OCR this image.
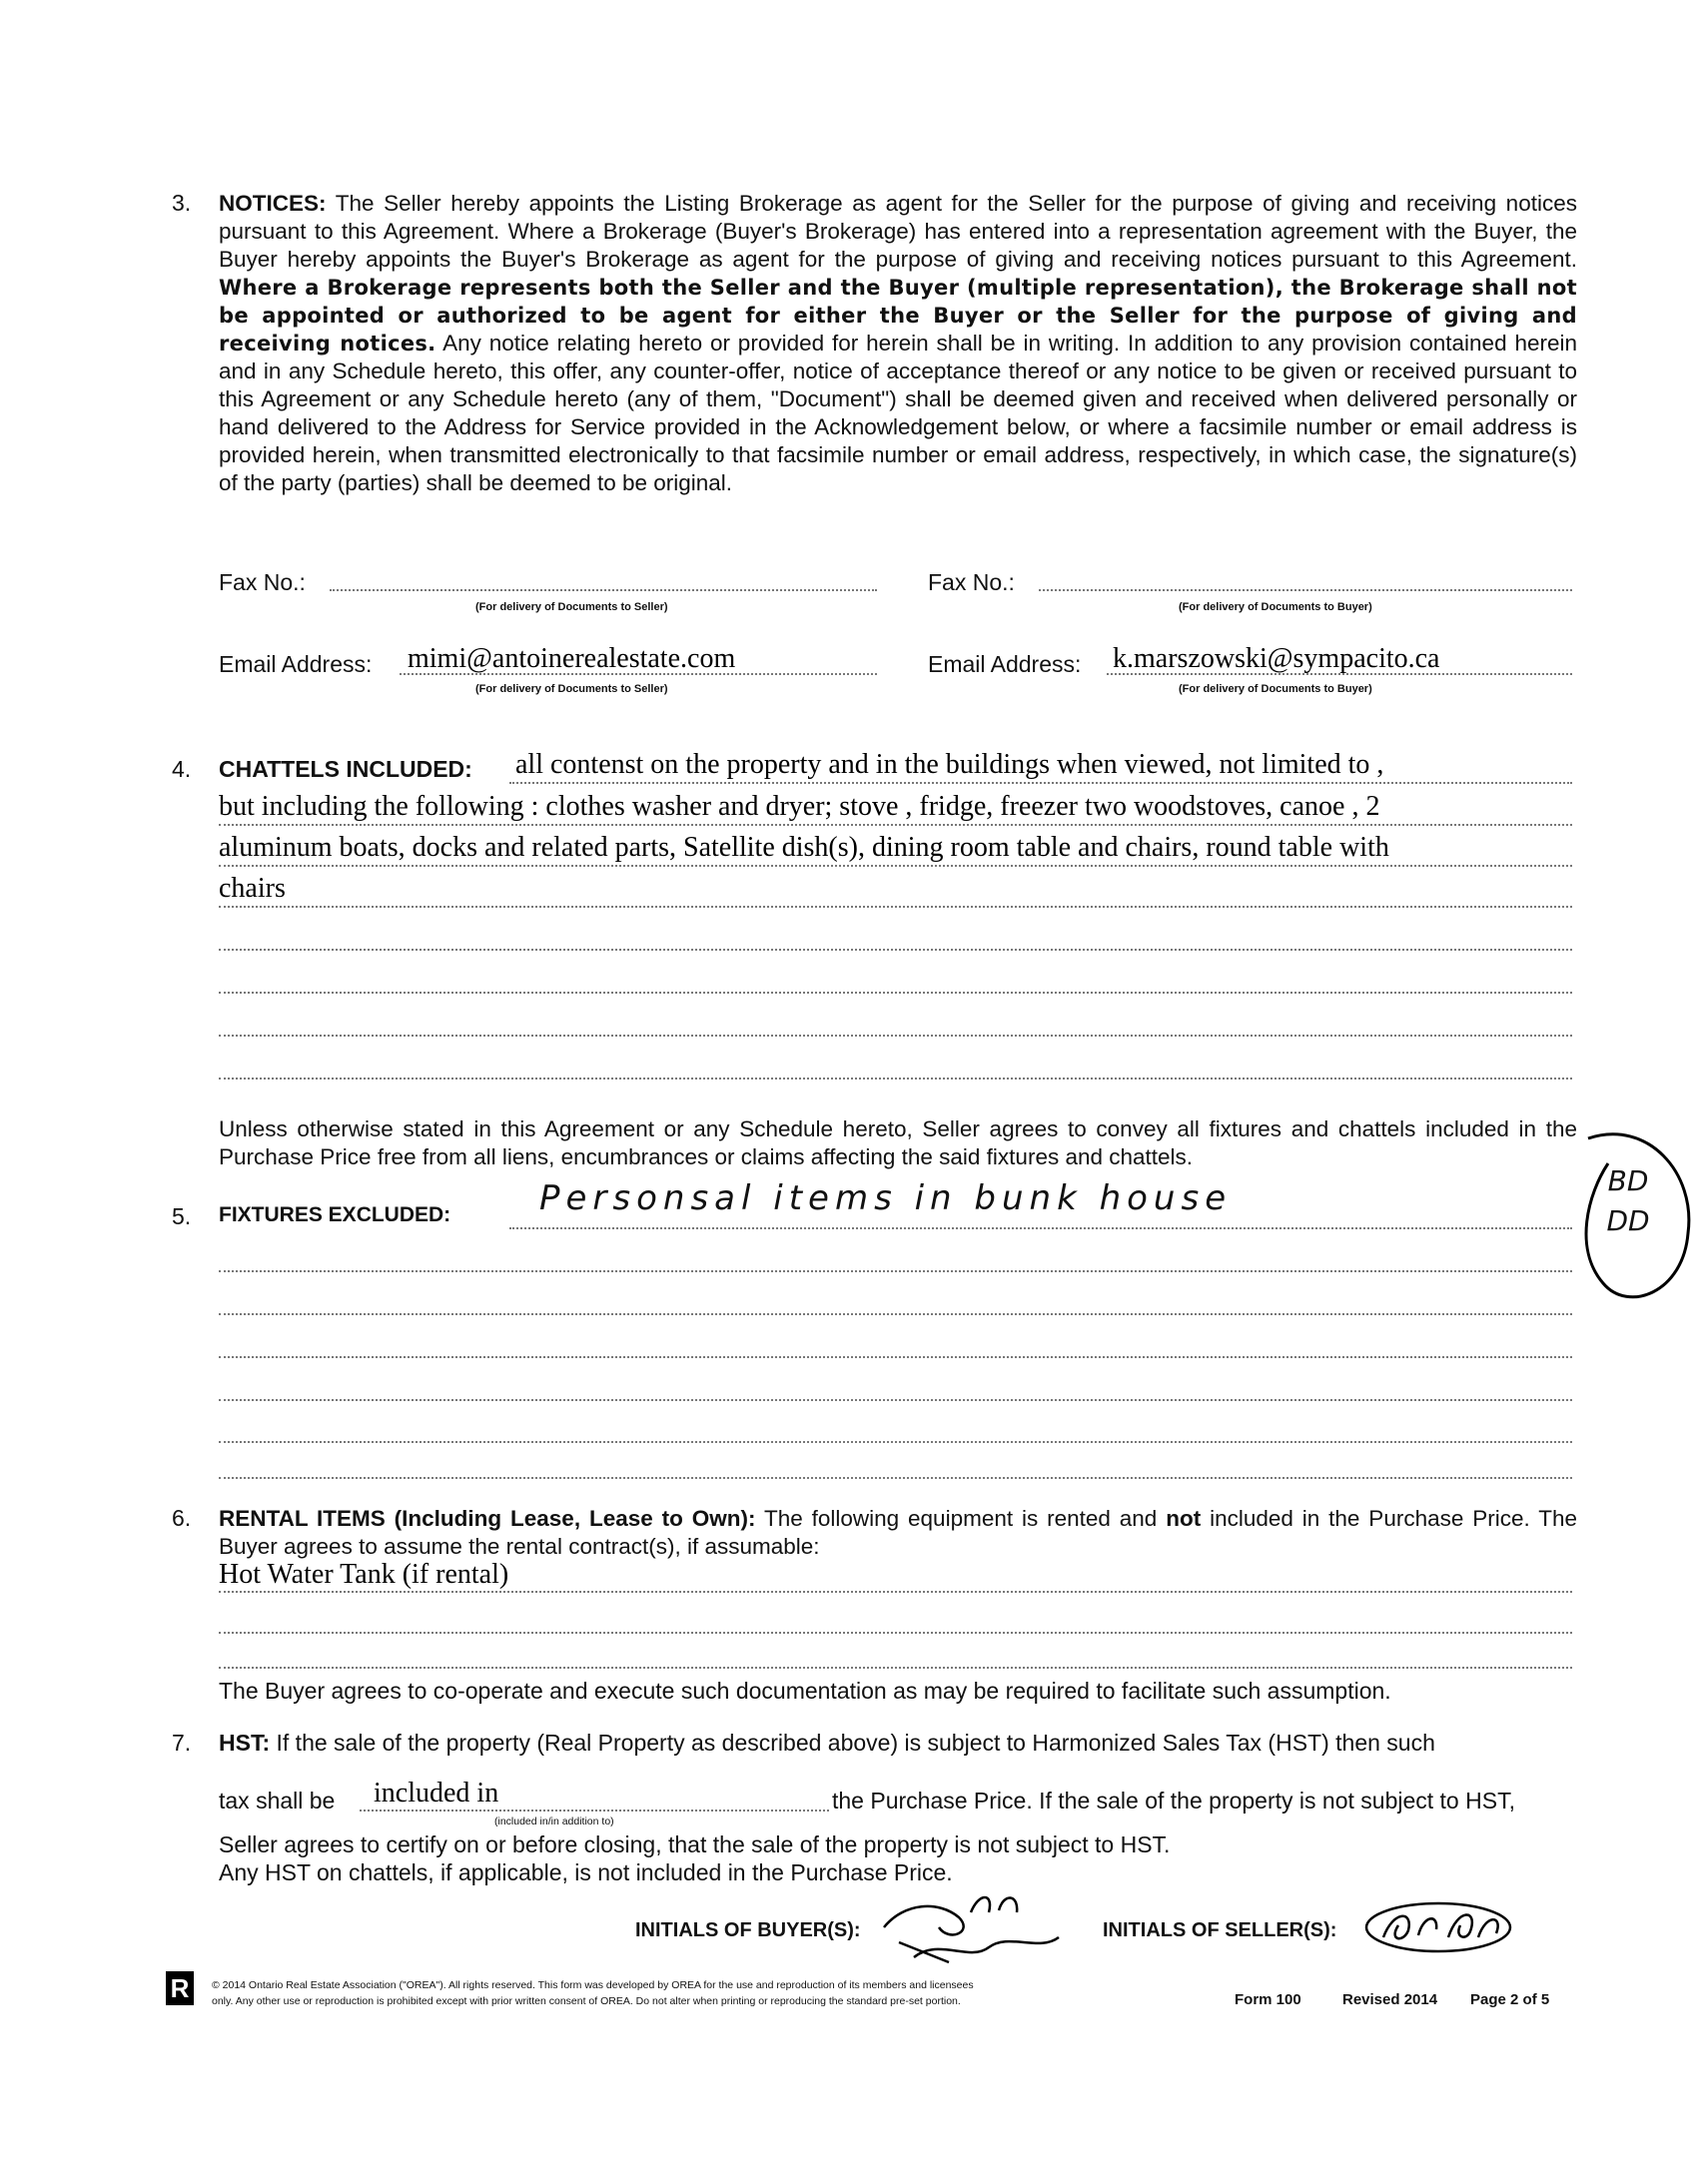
3. NOTICES: The Seller hereby appoints the Listing Brokerage as agent for the Seller for the purpose of giving and receiving notices pursuant to this Agreement. Where a Brokerage (Buyer's Brokerage) has entered into a representation agreement with the Buyer, the Buyer hereby appoints the Buyer's Brokerage as agent for the purpose of giving and receiving notices pursuant to this Agreement. Where a Brokerage represents both the Seller and the Buyer (multiple representation), the Brokerage shall not be appointed or authorized to be agent for either the Buyer or the Seller for the purpose of giving and receiving notices. Any notice relating hereto or provided for herein shall be in writing. In addition to any provision contained herein and in any Schedule hereto, this offer, any counter-offer, notice of acceptance thereof or any notice to be given or received pursuant to this Agreement or any Schedule hereto (any of them, "Document") shall be deemed given and received when delivered personally or hand delivered to the Address for Service provided in the Acknowledgement below, or where a facsimile number or email address is provided herein, when transmitted electronically to that facsimile number or email address, respectively, in which case, the signature(s) of the party (parties) shall be deemed to be original.
Fax No.:
(For delivery of Documents to Seller)
Fax No.:
(For delivery of Documents to Buyer)
Email Address: mimi@antoinerealestate.com
(For delivery of Documents to Seller)
Email Address: k.marszowski@sympacito.ca
(For delivery of Documents to Buyer)
4. CHATTELS INCLUDED: all contenst on the property and in the buildings when viewed, not limited to ,
but including the following : clothes washer and dryer; stove , fridge, freezer two woodstoves, canoe , 2
aluminum boats, docks and related parts, Satellite dish(s), dining room table and chairs, round table with
chairs
Unless otherwise stated in this Agreement or any Schedule hereto, Seller agrees to convey all fixtures and chattels included in the Purchase Price free from all liens, encumbrances or claims affecting the said fixtures and chattels.
5. FIXTURES EXCLUDED:	Personsal items in bunk house	BD DD
6. RENTAL ITEMS (Including Lease, Lease to Own): The following equipment is rented and not included in the Purchase Price. The Buyer agrees to assume the rental contract(s), if assumable:
Hot Water Tank (if rental)
The Buyer agrees to co-operate and execute such documentation as may be required to facilitate such assumption.
7. HST: If the sale of the property (Real Property as described above) is subject to Harmonized Sales Tax (HST) then such
tax shall be included in
(included in/in addition to)
the Purchase Price. If the sale of the property is not subject to HST,
Seller agrees to certify on or before closing, that the sale of the property is not subject to HST.
Any HST on chattels, if applicable, is not included in the Purchase Price.
INITIALS OF BUYER(S):	INITIALS OF SELLER(S):
R	© 2014 Ontario Real Estate Association ("OREA"). All rights reserved. This form was developed by OREA for the use and reproduction of its members and licensees
only. Any other use or reproduction is prohibited except with prior written consent of OREA. Do not alter when printing or reproducing the standard pre-set portion.	Form 100	Revised 2014 Page 2 of 5
